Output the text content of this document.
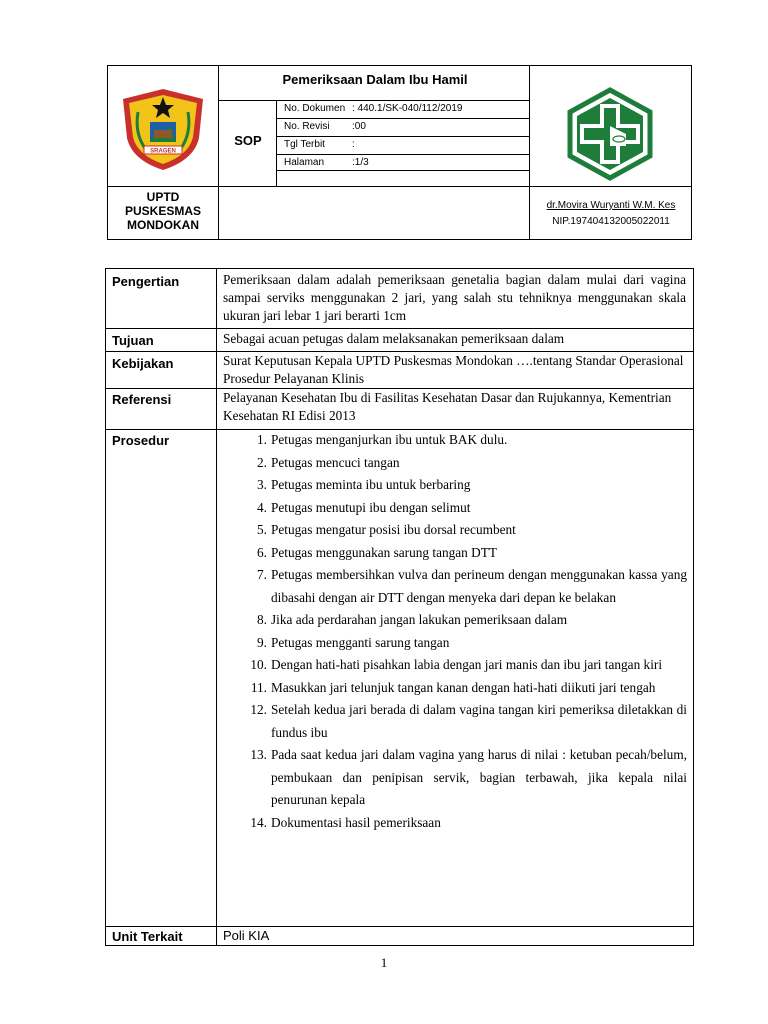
SRAGEN
Pemeriksaan Dalam Ibu Hamil
SOP
No. Dokumen : 440.1/SK-040/112/2019
No. Revisi :00
Tgl Terbit	:
Halaman	:1/3
UPTD
PUSKESMAS
MONDOKAN
dr.Movira Wuryanti W.M. Kes
NIP.197404132005022011
Pengertian	Pemeriksaan dalam adalah pemeriksaan genetalia bagian dalam mulai dari vagina sampai serviks menggunakan 2 jari, yang salah stu tehniknya menggunakan skala ukuran jari lebar 1 jari berarti 1cm
Tujuan	Sebagai acuan petugas dalam melaksanakan pemeriksaan dalam
Kebijakan	Surat Keputusan Kepala UPTD Puskesmas Mondokan ….tentang Standar Operasional Prosedur Pelayanan Klinis
Referensi	Pelayanan Kesehatan Ibu di Fasilitas Kesehatan Dasar dan Rujukannya, Kementrian Kesehatan RI Edisi 2013
Prosedur	1. Petugas menganjurkan ibu untuk BAK dulu.
2. Petugas mencuci tangan
3. Petugas meminta ibu untuk berbaring
4. Petugas menutupi ibu dengan selimut
5. Petugas mengatur posisi ibu dorsal recumbent
6. Petugas menggunakan sarung tangan DTT
7. Petugas membersihkan vulva dan perineum dengan menggunakan kassa yang dibasahi dengan air DTT dengan menyeka dari depan ke belakan
8. Jika ada perdarahan jangan lakukan pemeriksaan dalam
9. Petugas mengganti sarung tangan
10. Dengan hati-hati pisahkan labia dengan jari manis dan ibu jari tangan kiri
11. Masukkan jari telunjuk tangan kanan dengan hati-hati diikuti jari tengah
12. Setelah kedua jari berada di dalam vagina tangan kiri pemeriksa diletakkan di fundus ibu
13. Pada saat kedua jari dalam vagina yang harus di nilai : ketuban pecah/belum, pembukaan dan penipisan servik, bagian terbawah, jika kepala nilai penurunan kepala
14. Dokumentasi hasil pemeriksaan
Unit Terkait	Poli KIA
1
